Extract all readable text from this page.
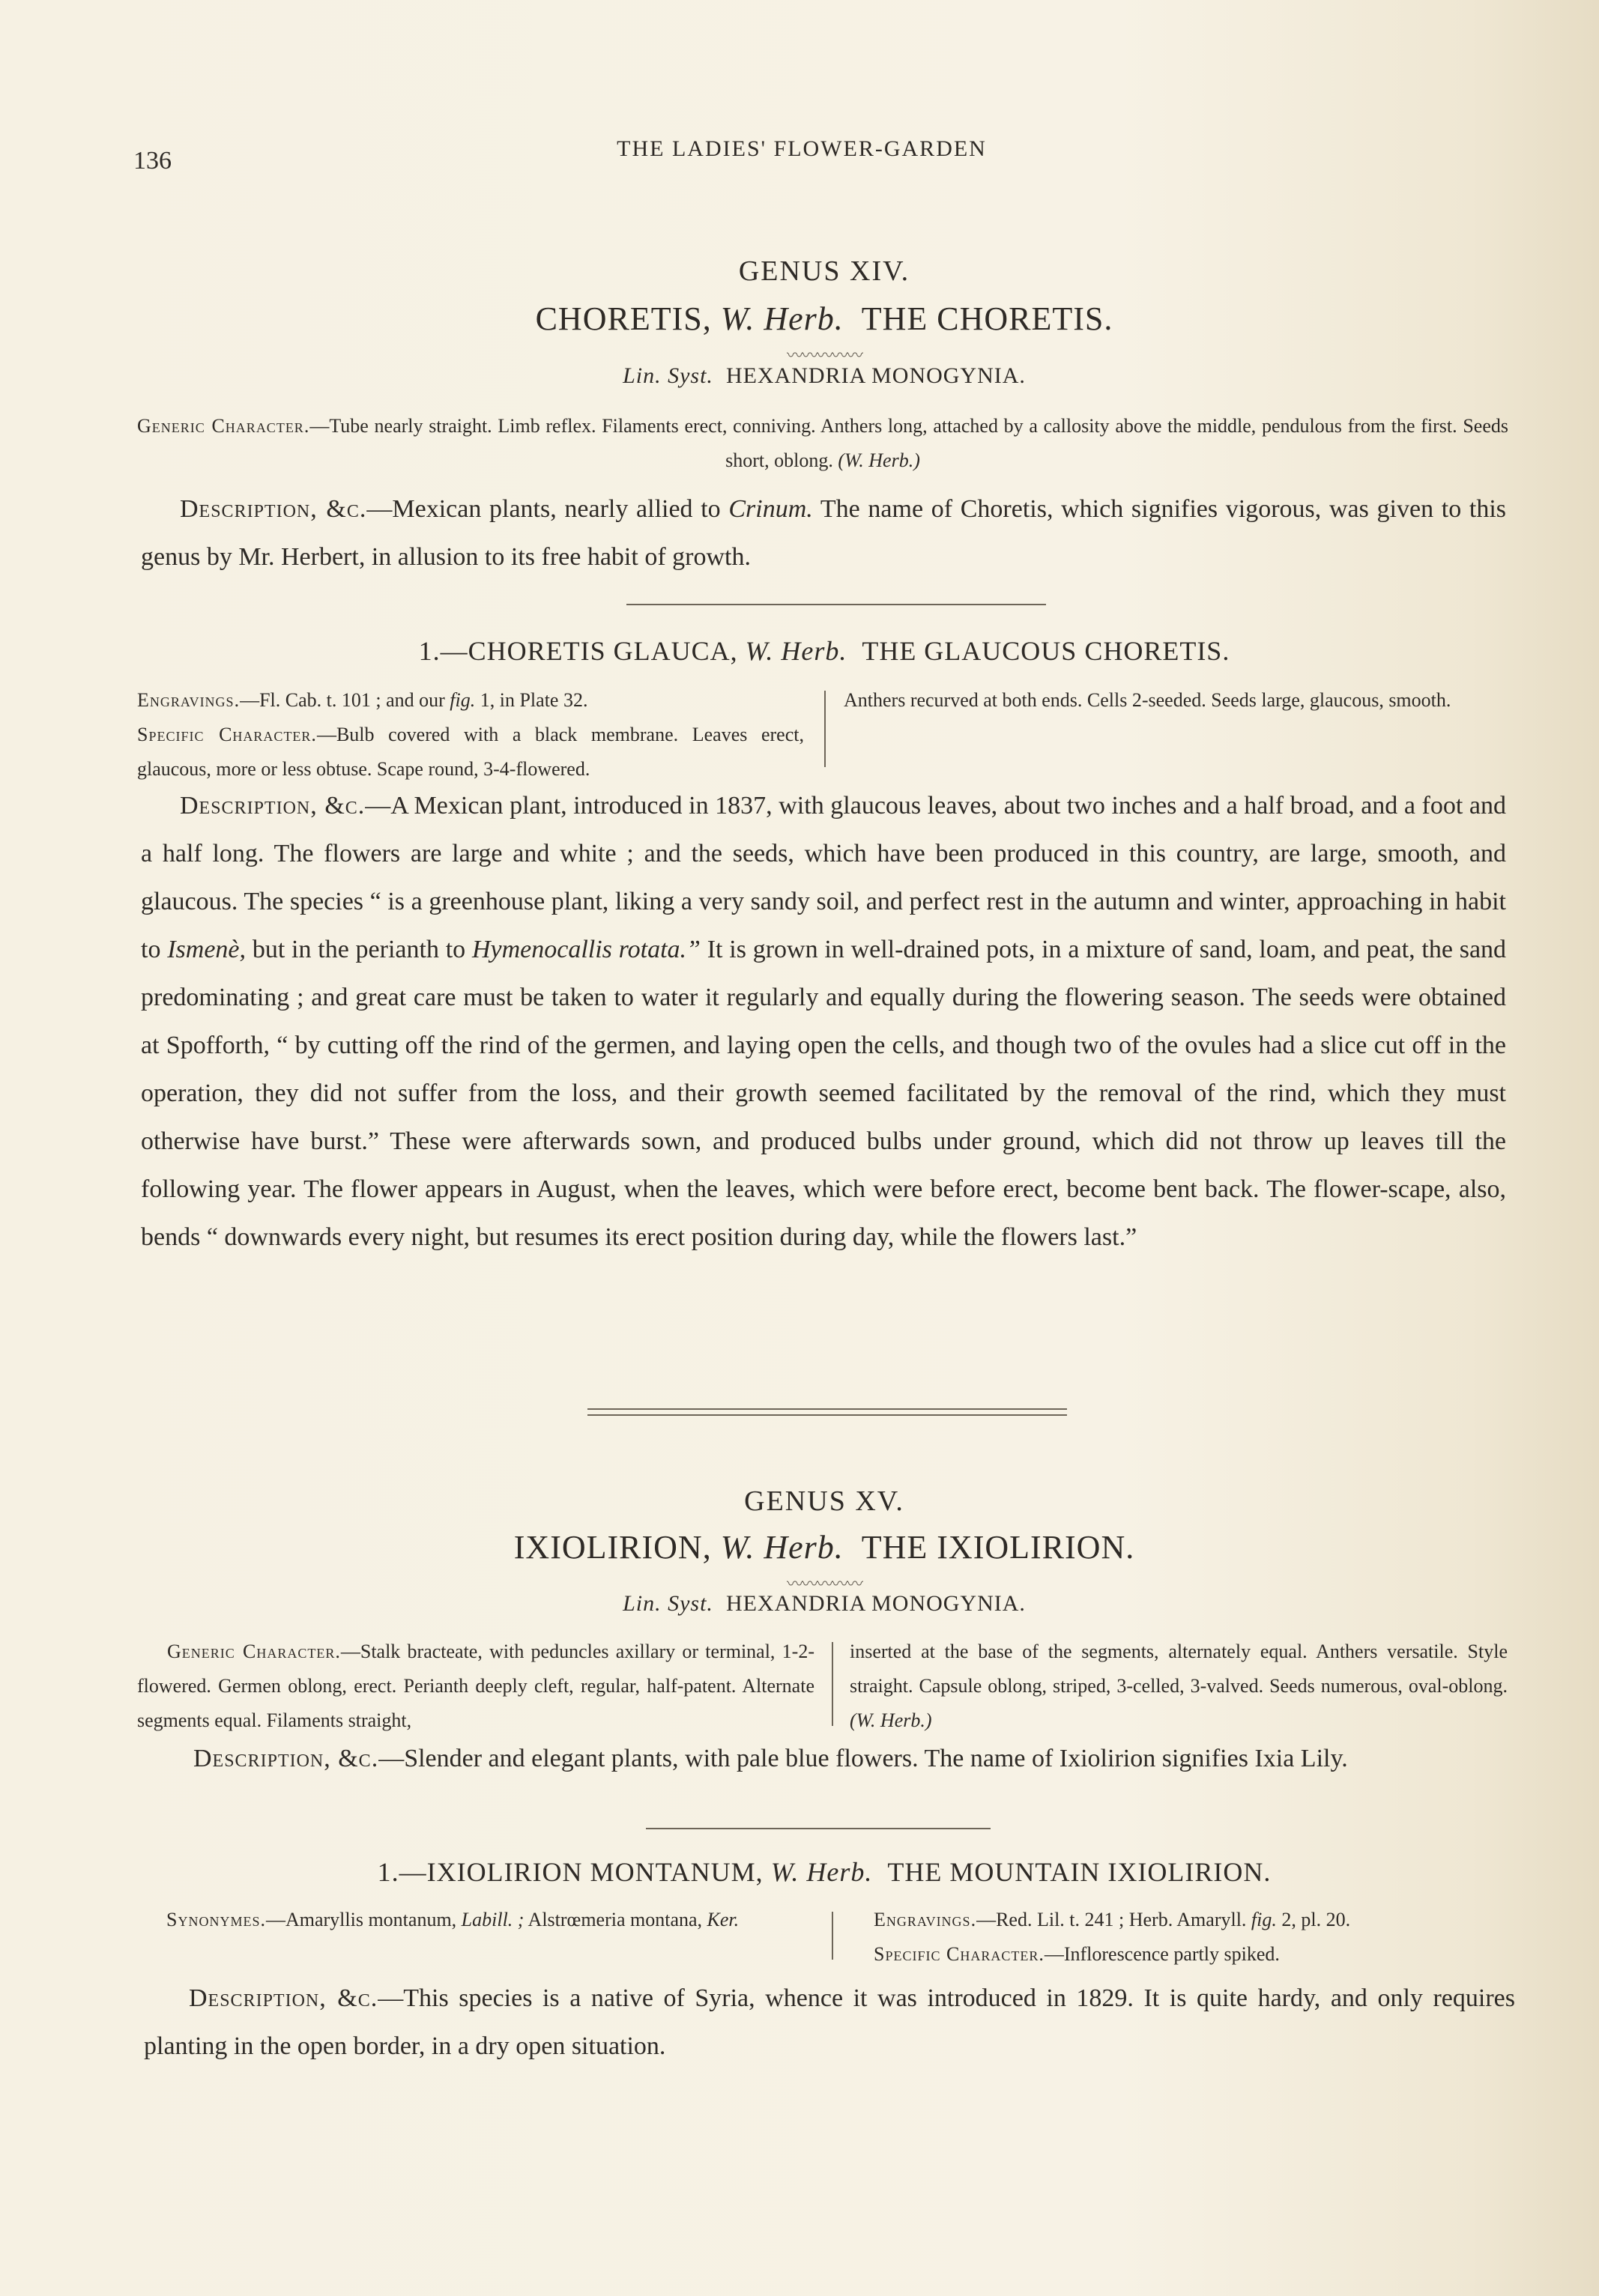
136	THE LADIES' FLOWER-GARDEN
GENUS XIV.
CHORETIS, W. Herb. THE CHORETIS.
〰〰〰〰〰
Lin. Syst. HEXANDRIA MONOGYNIA.
Generic Character.—Tube nearly straight. Limb reflex. Filaments erect, conniving. Anthers long, attached by a callosity above the middle, pendulous from the first. Seeds short, oblong. (W. Herb.)
Description, &c.—Mexican plants, nearly allied to Crinum. The name of Choretis, which signifies vigorous, was given to this genus by Mr. Herbert, in allusion to its free habit of growth.
1.—CHORETIS GLAUCA, W. Herb. THE GLAUCOUS CHORETIS.
Engravings.—Fl. Cab. t. 101 ; and our fig. 1, in Plate 32.
Specific Character.—Bulb covered with a black membrane. Leaves erect, glaucous, more or less obtuse. Scape round, 3-4-flowered.
Anthers recurved at both ends. Cells 2-seeded. Seeds large, glaucous, smooth.
Description, &c.—A Mexican plant, introduced in 1837, with glaucous leaves, about two inches and a half broad, and a foot and a half long. The flowers are large and white ; and the seeds, which have been produced in this country, are large, smooth, and glaucous. The species “ is a greenhouse plant, liking a very sandy soil, and perfect rest in the autumn and winter, approaching in habit to Ismenè, but in the perianth to Hymenocallis rotata.” It is grown in well-drained pots, in a mixture of sand, loam, and peat, the sand predominating ; and great care must be taken to water it regularly and equally during the flowering season. The seeds were obtained at Spofforth, “ by cutting off the rind of the germen, and laying open the cells, and though two of the ovules had a slice cut off in the operation, they did not suffer from the loss, and their growth seemed facilitated by the removal of the rind, which they must otherwise have burst.” These were afterwards sown, and produced bulbs under ground, which did not throw up leaves till the following year. The flower appears in August, when the leaves, which were before erect, become bent back. The flower-scape, also, bends “ downwards every night, but resumes its erect position during day, while the flowers last.”
GENUS XV.
IXIOLIRION, W. Herb. THE IXIOLIRION.
〰〰〰〰〰
Lin. Syst. HEXANDRIA MONOGYNIA.
Generic Character.—Stalk bracteate, with peduncles axillary or terminal, 1-2-flowered. Germen oblong, erect. Perianth deeply cleft, regular, half-patent. Alternate segments equal. Filaments straight,
inserted at the base of the segments, alternately equal. Anthers versatile. Style straight. Capsule oblong, striped, 3-celled, 3-valved. Seeds numerous, oval-oblong. (W. Herb.)
Description, &c.—Slender and elegant plants, with pale blue flowers. The name of Ixiolirion signifies Ixia Lily.
1.—IXIOLIRION MONTANUM, W. Herb. THE MOUNTAIN IXIOLIRION.
Synonymes.—Amaryllis montanum, Labill. ; Alstrœmeria montana, Ker.	Engravings.—Red. Lil. t. 241 ; Herb. Amaryll. fig. 2, pl. 20.
Specific Character.—Inflorescence partly spiked.
Description, &c.—This species is a native of Syria, whence it was introduced in 1829. It is quite hardy, and only requires planting in the open border, in a dry open situation.
